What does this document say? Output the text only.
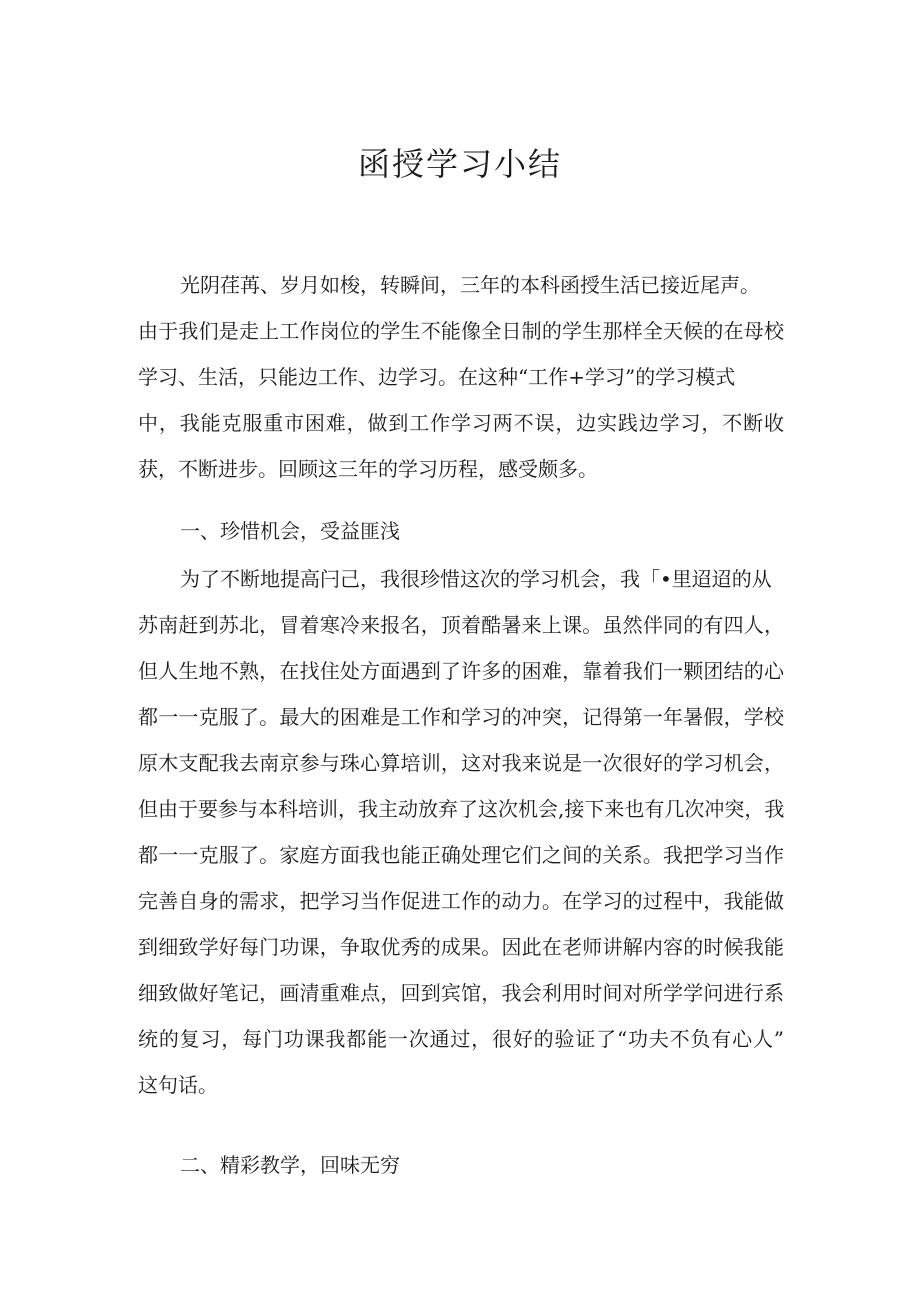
函授学习小结
光阴荏苒、岁月如梭，转瞬间，三年的本科函授生活已接近尾声。
由于我们是走上工作岗位的学生不能像全日制的学生那样全天候的在母校
学习、生活，只能边工作、边学习。在这种“工作+学习”的学习模式
中，我能克服重市困难，做到工作学习两不误，边实践边学习，不断收
获，不断进步。回顾这三年的学习历程，感受颇多。
一、珍惜机会，受益匪浅
为了不断地提高闩己，我很珍惜这次的学习机会，我「•里迢迢的从
苏南赶到苏北，冒着寒冷来报名，顶着酷暑来上课。虽然伴同的有四人，
但人生地不熟，在找住处方面遇到了许多的困难，靠着我们一颗团结的心
都一一克服了。最大的困难是工作和学习的冲突，记得第一年暑假，学校
原木支配我去南京参与珠心算培训，这对我来说是一次很好的学习机会，
但由于要参与本科培训，我主动放弃了这次机会,接下来也有几次冲突，我
都一一克服了。家庭方面我也能正确处理它们之间的关系。我把学习当作
完善自身的需求，把学习当作促进工作的动力。在学习的过程中，我能做
到细致学好每门功课，争取优秀的成果。因此在老师讲解内容的时候我能
细致做好笔记，画清重难点，回到宾馆，我会利用时间对所学学问进行系
统的复习，每门功课我都能一次通过，很好的验证了“功夫不负有心人”
这句话。
二、精彩教学，回味无穷
